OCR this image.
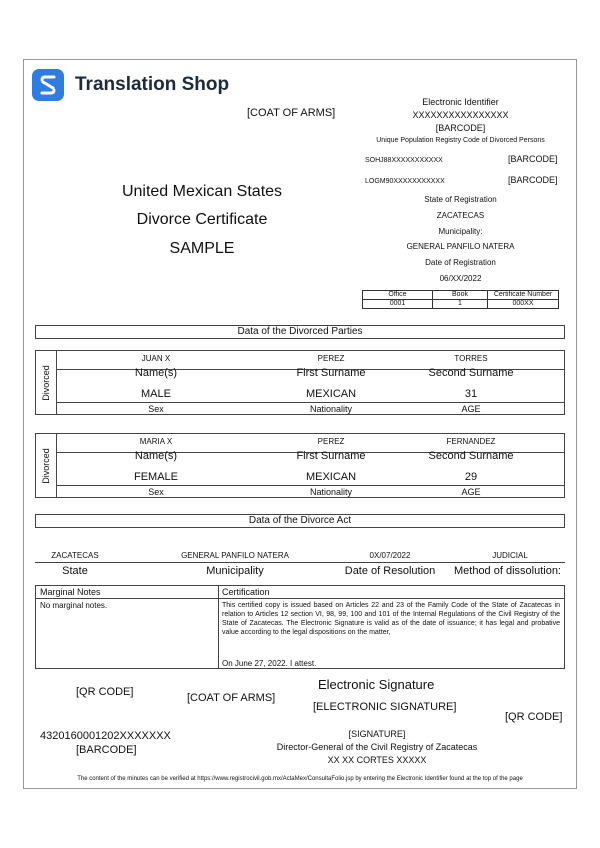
Translation Shop
[COAT OF ARMS]
Electronic Identifier
XXXXXXXXXXXXXXXX
[BARCODE]
Unique Population Registry Code of Divorced Persons
SOHJ88XXXXXXXXXXX	[BARCODE]
LOGM90XXXXXXXXXXX	[BARCODE]
State of Registration
ZACATECAS
Municipality:
GENERAL PANFILO NATERA
Date of Registration
06/XX/2022
Office	Book	Certificate Number
0001	1	000XX
United Mexican States
Divorce Certificate
SAMPLE
Data of the Divorced Parties
Divorced
JUAN X	PEREZ	TORRES
Name(s)	First Surname	Second Surname
MALE	MEXICAN	31
Sex	Nationality	AGE
Divorced
MARIA X	PEREZ	FERNANDEZ
Name(s)	First Surname	Second Surname
FEMALE	MEXICAN	29
Sex	Nationality	AGE
Data of the Divorce Act
ZACATECAS	GENERAL PANFILO NATERA	0X/07/2022	JUDICIAL
State	Municipality	Date of Resolution	Method of dissolution:
Marginal Notes
No marginal notes.
Certification
This certified copy is issued based on Articles 22 and 23 of the Family Code of the State of Zacatecas in relation to Articles 12 section VI, 98, 99, 100 and 101 of the Internal Regulations of the Civil Registry of the State of Zacatecas. The Electronic Signature is valid as of the date of issuance; it has legal and probative value according to the legal dispositions on the matter,
On June 27, 2022. I attest.
[QR CODE]	[COAT OF ARMS]
Electronic Signature
[ELECTRONIC SIGNATURE]
[QR CODE]
4320160001202XXXXXXX
[BARCODE]
[SIGNATURE]
Director-General of the Civil Registry of Zacatecas
XX XX CORTES XXXXX
The content of the minutes can be verified at https://www.registrocivil.gob.mx/ActaMex/ConsultaFolio.jsp by entering the Electronic Identifier found at the top of the page
